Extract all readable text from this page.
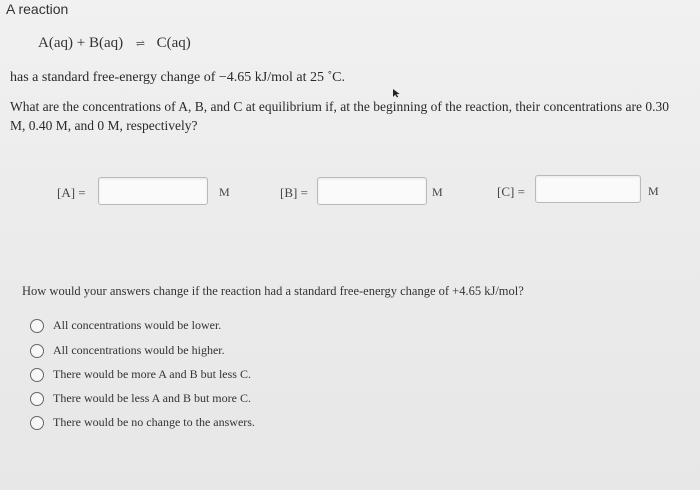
A reaction
A(aq) + B(aq) ⇌ C(aq)
has a standard free-energy change of −4.65 kJ/mol at 25 ˚C.
What are the concentrations of A, B, and C at equilibrium if, at the beginning of the reaction, their concentrations are 0.30 M, 0.40 M, and 0 M, respectively?
[A] =	M	[B] =	M	[C] =	M
How would your answers change if the reaction had a standard free-energy change of +4.65 kJ/mol?
All concentrations would be lower.
All concentrations would be higher.
There would be more A and B but less C.
There would be less A and B but more C.
There would be no change to the answers.
